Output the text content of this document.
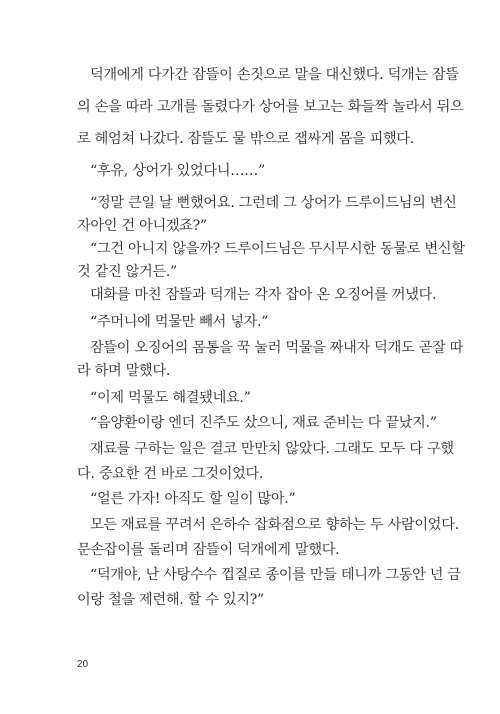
덕개에게 다가간 잠뜰이 손짓으로 말을 대신했다. 덕개는 잠뜰
의 손을 따라 고개를 돌렸다가 상어를 보고는 화들짝 놀라서 뒤으
로 헤엄쳐 나갔다. 잠뜰도 물 밖으로 잽싸게 몸을 피했다.
“후유, 상어가 있었다니……”
“정말 큰일 날 뻔했어요. 그런데 그 상어가 드루이드님의 변신
자아인 건 아니겠죠?”
“그건 아니지 않을까? 드루이드님은 무시무시한 동물로 변신할
것 같진 않거든.”
대화를 마친 잠뜰과 덕개는 각자 잡아 온 오징어를 꺼냈다.
“주머니에 먹물만 빼서 넣자.”
잠뜰이 오징어의 몸통을 꾹 눌러 먹물을 짜내자 덕개도 곧잘 따
라 하며 말했다.
“이제 먹물도 해결됐네요.”
“음양환이랑 엔더 진주도 샀으니, 재료 준비는 다 끝났지.”
재료를 구하는 일은 결코 만만치 않았다. 그래도 모두 다 구했
다. 중요한 건 바로 그것이었다.
“얼른 가자! 아직도 할 일이 많아.”
모든 재료를 꾸려서 은하수 잡화점으로 향하는 두 사람이었다.
문손잡이를 돌리며 잠뜰이 덕개에게 말했다.
“덕개야, 난 사탕수수 껍질로 종이를 만들 테니까 그동안 넌 금
이랑 철을 제련해. 할 수 있지?”
20
